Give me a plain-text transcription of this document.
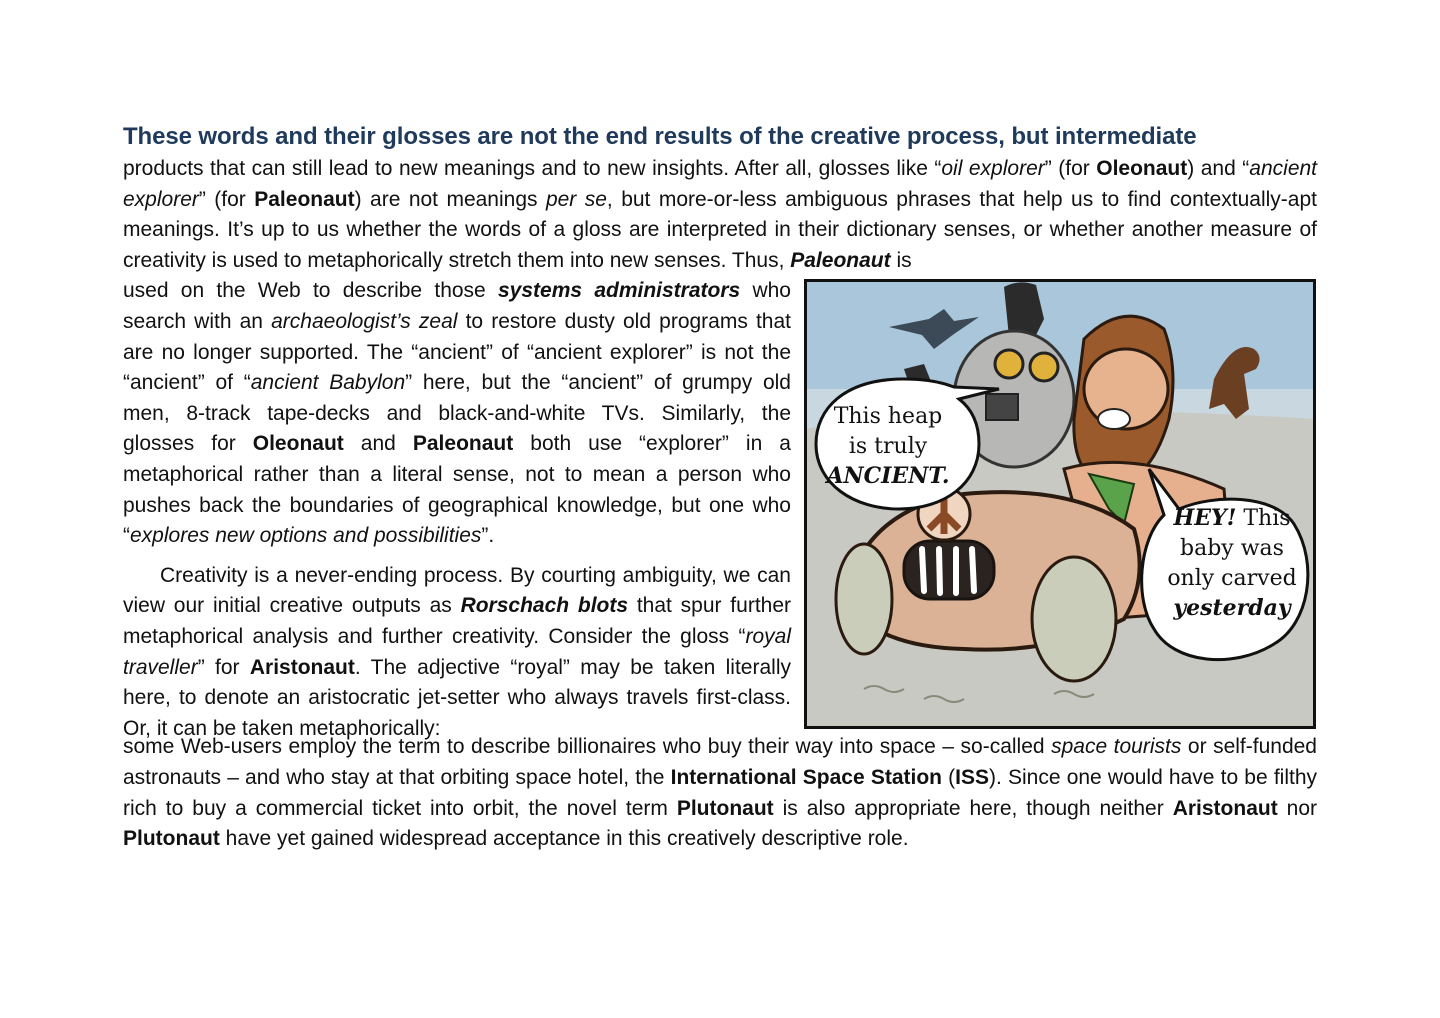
These words and their glosses are not the end results of the creative process, but intermediate

products that can still lead to new meanings and to new insights. After all, glosses like “oil explorer” (for Oleonaut) and “ancient explorer” (for Paleonaut) are not meanings per se, but more-or-less ambiguous phrases that help us to find contextually-apt meanings. It’s up to us whether the words of a gloss are interpreted in their dictionary senses, or whether another measure of creativity is used to metaphorically stretch them into new senses. Thus, Paleonaut is

used on the Web to describe those systems administrators who search with an archaeologist’s zeal to restore dusty old programs that are no longer supported. The “ancient” of “ancient explorer” is not the “ancient” of “ancient Babylon” here, but the “ancient” of grumpy old men, 8-track tape-decks and black-and-white TVs. Similarly, the glosses for Oleonaut and Paleonaut both use “explorer” in a metaphorical rather than a literal sense, not to mean a person who pushes back the boundaries of geographical knowledge, but one who “explores new options and possibilities”.

Creativity is a never-ending process. By courting ambiguity, we can view our initial creative outputs as Rorschach blots that spur further metaphorical analysis and further creativity. Consider the gloss “royal traveller” for Aristonaut. The adjective “royal” may be taken literally here, to denote an aristocratic jet-setter who always travels first-class. Or, it can be taken metaphorically:

This heap
is truly
ANCIENT.
HEY! This
baby was
only carved
yesterday

some Web-users employ the term to describe billionaires who buy their way into space – so-called space tourists or self-funded astronauts – and who stay at that orbiting space hotel, the International Space Station (ISS). Since one would have to be filthy rich to buy a commercial ticket into orbit, the novel term Plutonaut is also appropriate here, though neither Aristonaut nor Plutonaut have yet gained widespread acceptance in this creatively descriptive role.
